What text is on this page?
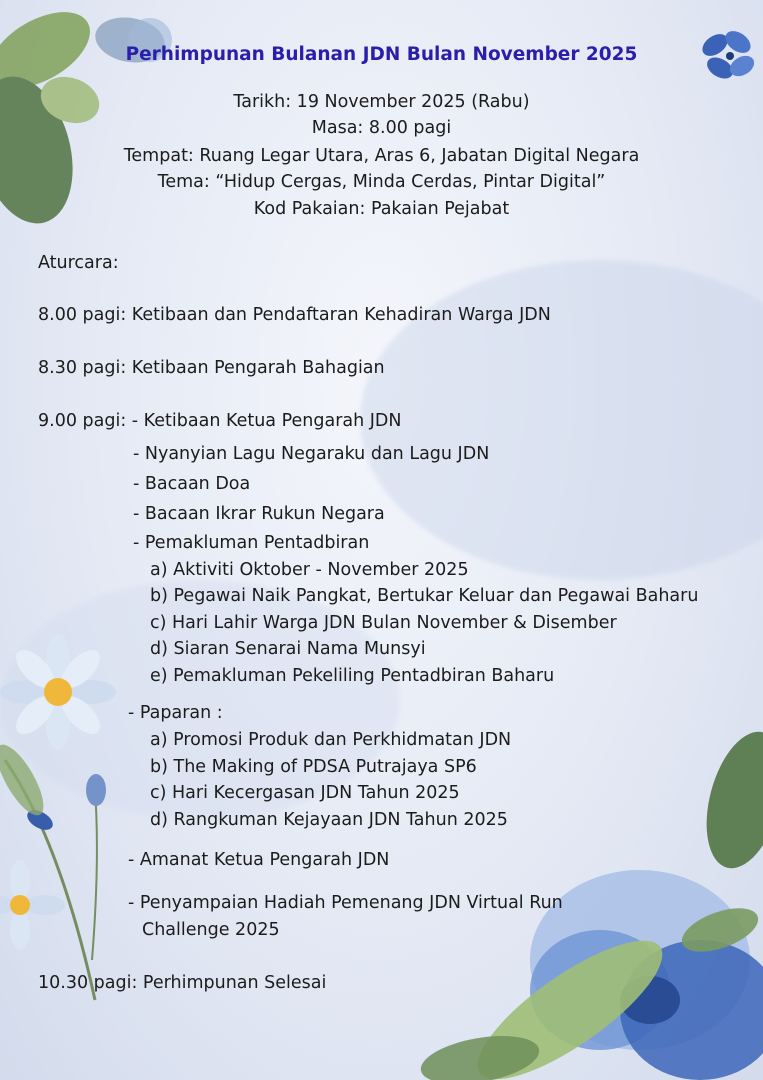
Perhimpunan Bulanan JDN Bulan November 2025
Tarikh: 19 November 2025 (Rabu)
Masa: 8.00 pagi
Tempat: Ruang Legar Utara, Aras 6, Jabatan Digital Negara
Tema: “Hidup Cergas, Minda Cerdas, Pintar Digital”
Kod Pakaian: Pakaian Pejabat
Aturcara:
8.00 pagi: Ketibaan dan Pendaftaran Kehadiran Warga JDN
8.30 pagi: Ketibaan Pengarah Bahagian
9.00 pagi: - Ketibaan Ketua Pengarah JDN
- Nyanyian Lagu Negaraku dan Lagu JDN
- Bacaan Doa
- Bacaan Ikrar Rukun Negara
- Pemakluman Pentadbiran
a) Aktiviti Oktober - November 2025
b) Pegawai Naik Pangkat, Bertukar Keluar dan Pegawai Baharu
c) Hari Lahir Warga JDN Bulan November & Disember
d) Siaran Senarai Nama Munsyi
e) Pemakluman Pekeliling Pentadbiran Baharu
- Paparan :
a) Promosi Produk dan Perkhidmatan JDN
b) The Making of PDSA Putrajaya SP6
c) Hari Kecergasan JDN Tahun 2025
d) Rangkuman Kejayaan JDN Tahun 2025
- Amanat Ketua Pengarah JDN
- Penyampaian Hadiah Pemenang JDN Virtual Run
Challenge 2025
10.30 pagi: Perhimpunan Selesai
